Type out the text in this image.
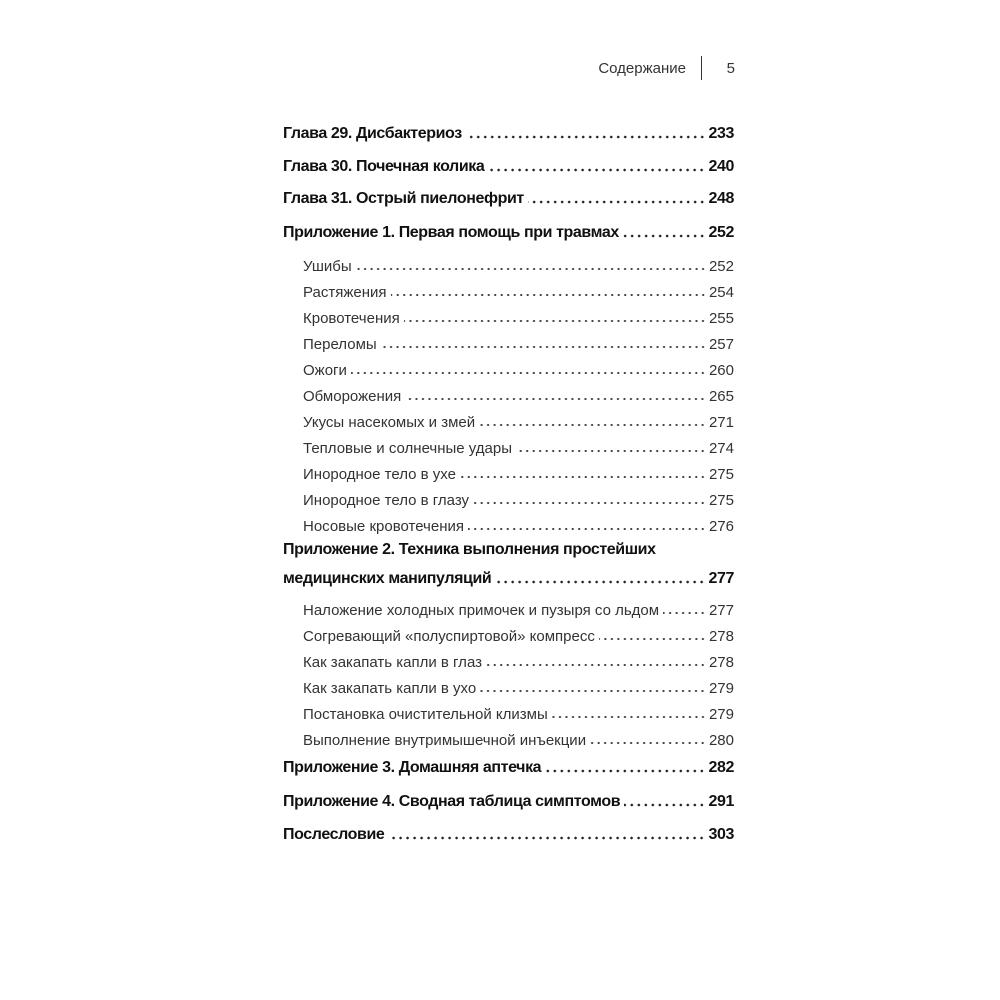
Содержание	5
Глава 29. Дисбактериоз	233
Глава 30. Почечная колика	240
Глава 31. Острый пиелонефрит	248
Приложение 1. Первая помощь при травмах	252
Ушибы	252
Растяжения	254
Кровотечения	255
Переломы	257
Ожоги	260
Обморожения	265
Укусы насекомых и змей	271
Тепловые и солнечные удары	274
Инородное тело в ухе	275
Инородное тело в глазу	275
Носовые кровотечения	276
Приложение 2. Техника выполнения простейших
медицинских манипуляций	277
Наложение холодных примочек и пузыря со льдом	277
Согревающий «полуспиртовой» компресс	278
Как закапать капли в глаз	278
Как закапать капли в ухо	279
Постановка очистительной клизмы	279
Выполнение внутримышечной инъекции	280
Приложение 3. Домашняя аптечка	282
Приложение 4. Сводная таблица симптомов	291
Послесловие	303
